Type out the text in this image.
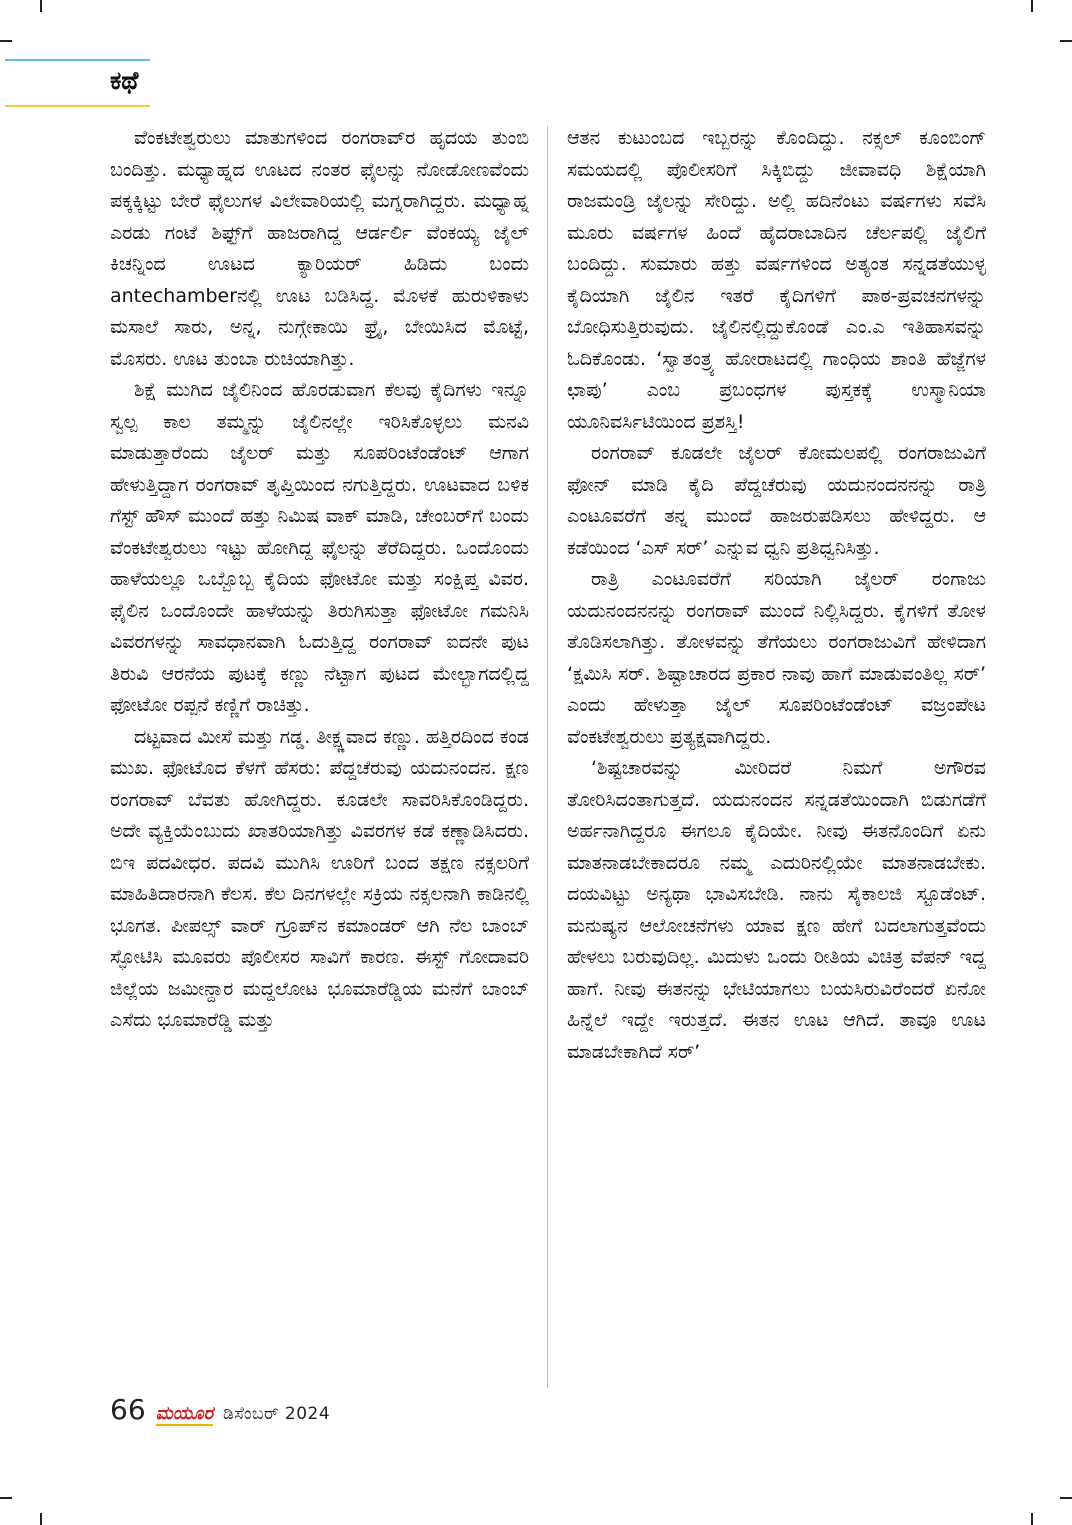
ಕಥೆ

ವೆಂಕಟೇಶ್ವರುಲು ಮಾತುಗಳಿಂದ ರಂಗರಾವ್‌ರ ಹೃದಯ ತುಂಬಿ ಬಂದಿತ್ತು. ಮಧ್ಯಾಹ್ನದ ಊಟದ ನಂತರ ಫೈಲನ್ನು ನೋಡೋಣವೆಂದು ಪಕ್ಕಕ್ಕಿಟ್ಟು ಬೇರೆ ಫೈಲುಗಳ ವಿಲೇವಾರಿಯಲ್ಲಿ ಮಗ್ನರಾಗಿದ್ದರು. ಮಧ್ಯಾಹ್ನ ಎರಡು ಗಂಟೆ ಶಿಫ್ಟ್‌ಗೆ ಹಾಜರಾಗಿದ್ದ ಆರ್ಡರ್ಲಿ ವೆಂಕಯ್ಯ ಜೈಲ್ ಕಿಚನ್ನಿಂದ ಊಟದ ಕ್ಯಾರಿಯರ್ ಹಿಡಿದು ಬಂದು antechamberನಲ್ಲಿ ಊಟ ಬಡಿಸಿದ್ದ. ಮೊಳಕೆ ಹುರುಳಿಕಾಳು ಮಸಾಲೆ ಸಾರು, ಅನ್ನ, ನುಗ್ಗೇಕಾಯಿ ಫ್ರೈ, ಬೇಯಿಸಿದ ಮೊಟ್ಟೆ, ಮೊಸರು. ಊಟ ತುಂಬಾ ರುಚಿಯಾಗಿತ್ತು.

ಶಿಕ್ಷೆ ಮುಗಿದ ಜೈಲಿನಿಂದ ಹೊರಡುವಾಗ ಕೆಲವು ಕೈದಿಗಳು ಇನ್ನೂ ಸ್ವಲ್ಪ ಕಾಲ ತಮ್ಮನ್ನು ಜೈಲಿನಲ್ಲೇ ಇರಿಸಿಕೊಳ್ಳಲು ಮನವಿ ಮಾಡುತ್ತಾರೆಂದು ಜೈಲರ್ ಮತ್ತು ಸೂಪರಿಂಟೆಂಡೆಂಟ್ ಆಗಾಗ ಹೇಳುತ್ತಿದ್ದಾಗ ರಂಗರಾವ್ ತೃಪ್ತಿಯಿಂದ ನಗುತ್ತಿದ್ದರು. ಊಟವಾದ ಬಳಿಕ ಗೆಸ್ಟ್ ಹೌಸ್ ಮುಂದೆ ಹತ್ತು ನಿಮಿಷ ವಾಕ್ ಮಾಡಿ, ಚೇಂಬರ್‌ಗೆ ಬಂದು ವೆಂಕಟೇಶ್ವರುಲು ಇಟ್ಟು ಹೋಗಿದ್ದ ಫೈಲನ್ನು ತೆರೆದಿದ್ದರು. ಒಂದೊಂದು ಹಾಳೆಯಲ್ಲೂ ಒಬ್ಬೊಬ್ಬ ಕೈದಿಯ ಫೋಟೋ ಮತ್ತು ಸಂಕ್ಷಿಪ್ತ ವಿವರ. ಫೈಲಿನ ಒಂದೊಂದೇ ಹಾಳೆಯನ್ನು ತಿರುಗಿಸುತ್ತಾ ಫೋಟೋ ಗಮನಿಸಿ ವಿವರಗಳನ್ನು ಸಾವಧಾನವಾಗಿ ಓದುತ್ತಿದ್ದ ರಂಗರಾವ್ ಐದನೇ ಪುಟ ತಿರುವಿ ಆರನೆಯ ಪುಟಕ್ಕೆ ಕಣ್ಣು ನೆಟ್ಟಾಗ ಪುಟದ ಮೇಲ್ಭಾಗದಲ್ಲಿದ್ದ ಫೋಟೋ ರಪ್ಪನೆ ಕಣ್ಣಿಗೆ ರಾಚಿತ್ತು.

ದಟ್ಟವಾದ ಮೀಸೆ ಮತ್ತು ಗಡ್ಡ. ತೀಕ್ಷ್ಣವಾದ ಕಣ್ಣು. ಹತ್ತಿರದಿಂದ ಕಂಡ ಮುಖ. ಫೋಟೊದ ಕೆಳಗೆ ಹೆಸರು: ಪೆದ್ದಚೆರುವು ಯದುನಂದನ. ಕ್ಷಣ ರಂಗರಾವ್ ಬೆವತು ಹೋಗಿದ್ದರು. ಕೂಡಲೇ ಸಾವರಿಸಿಕೊಂಡಿದ್ದರು. ಅದೇ ವ್ಯಕ್ತಿಯೆಂಬುದು ಖಾತರಿಯಾಗಿತ್ತು ವಿವರಗಳ ಕಡೆ ಕಣ್ಣಾಡಿಸಿದರು. ಬಿಇ ಪದವೀಧರ. ಪದವಿ ಮುಗಿಸಿ ಊರಿಗೆ ಬಂದ ತಕ್ಷಣ ನಕ್ಸಲರಿಗೆ ಮಾಹಿತಿದಾರನಾಗಿ ಕೆಲಸ. ಕೆಲ ದಿನಗಳಲ್ಲೇ ಸಕ್ರಿಯ ನಕ್ಸಲನಾಗಿ ಕಾಡಿನಲ್ಲಿ ಭೂಗತ. ಪೀಪಲ್ಸ್ ವಾರ್ ಗ್ರೂಪ್‌ನ ಕಮಾಂಡರ್ ಆಗಿ ನೆಲ ಬಾಂಬ್ ಸ್ಫೋಟಿಸಿ ಮೂವರು ಪೊಲೀಸರ ಸಾವಿಗೆ ಕಾರಣ. ಈಸ್ಟ್ ಗೋದಾವರಿ ಜಿಲ್ಲೆಯ ಜಮೀನ್ದಾರ ಮದ್ದಲೋಟ ಭೂಮಾರೆಡ್ಡಿಯ ಮನೆಗೆ ಬಾಂಬ್ ಎಸೆದು ಭೂಮಾರೆಡ್ಡಿ ಮತ್ತು

ಆತನ ಕುಟುಂಬದ ಇಬ್ಬರನ್ನು ಕೊಂದಿದ್ದು. ನಕ್ಸಲ್ ಕೂಂಬಿಂಗ್ ಸಮಯದಲ್ಲಿ ಪೊಲೀಸರಿಗೆ ಸಿಕ್ಕಿಬಿದ್ದು ಜೀವಾವಧಿ ಶಿಕ್ಷೆಯಾಗಿ ರಾಜಮಂಡ್ರಿ ಜೈಲನ್ನು ಸೇರಿದ್ದು. ಅಲ್ಲಿ ಹದಿನೆಂಟು ವರ್ಷಗಳು ಸವೆಸಿ ಮೂರು ವರ್ಷಗಳ ಹಿಂದೆ ಹೈದರಾಬಾದಿನ ಚೆರ್ಲಪಲ್ಲಿ ಜೈಲಿಗೆ ಬಂದಿದ್ದು. ಸುಮಾರು ಹತ್ತು ವರ್ಷಗಳಿಂದ ಅತ್ಯಂತ ಸನ್ನಡತೆಯುಳ್ಳ ಕೈದಿಯಾಗಿ ಜೈಲಿನ ಇತರೆ ಕೈದಿಗಳಿಗೆ ಪಾಠ-ಪ್ರವಚನಗಳನ್ನು ಬೋಧಿಸುತ್ತಿರುವುದು. ಜೈಲಿನಲ್ಲಿದ್ದುಕೊಂಡೆ ಎಂ.ಎ ಇತಿಹಾಸವನ್ನು ಓದಿಕೊಂಡು. ‘ಸ್ವಾತಂತ್ರ್ಯ ಹೋರಾಟದಲ್ಲಿ ಗಾಂಧಿಯ ಶಾಂತಿ ಹೆಜ್ಜೆಗಳ ಛಾಪು’ ಎಂಬ ಪ್ರಬಂಧಗಳ ಪುಸ್ತಕಕ್ಕೆ ಉಸ್ಮಾನಿಯಾ ಯೂನಿವರ್ಸಿಟಿಯಿಂದ ಪ್ರಶಸ್ತಿ!

ರಂಗರಾವ್ ಕೂಡಲೇ ಜೈಲರ್ ಕೋಮಲಪಲ್ಲಿ ರಂಗರಾಜುವಿಗೆ ಫೋನ್ ಮಾಡಿ ಕೈದಿ ಪೆದ್ದಚೆರುವು ಯದುನಂದನನನ್ನು ರಾತ್ರಿ ಎಂಟೂವರೆಗೆ ತನ್ನ ಮುಂದೆ ಹಾಜರುಪಡಿಸಲು ಹೇಳಿದ್ದರು. ಆ ಕಡೆಯಿಂದ ‘ಎಸ್ ಸರ್’ ಎನ್ನುವ ಧ್ವನಿ ಪ್ರತಿಧ್ವನಿಸಿತ್ತು.

ರಾತ್ರಿ ಎಂಟೂವರೆಗೆ ಸರಿಯಾಗಿ ಜೈಲರ್ ರಂಗಾಜು ಯದುನಂದನನನ್ನು ರಂಗರಾವ್ ಮುಂದೆ ನಿಲ್ಲಿಸಿದ್ದರು. ಕೈಗಳಿಗೆ ತೋಳ ತೊಡಿಸಲಾಗಿತ್ತು. ತೋಳವನ್ನು ತೆಗೆಯಲು ರಂಗರಾಜುವಿಗೆ ಹೇಳಿದಾಗ ‘ಕ್ಷಮಿಸಿ ಸರ್. ಶಿಷ್ಟಾಚಾರದ ಪ್ರಕಾರ ನಾವು ಹಾಗೆ ಮಾಡುವಂತಿಲ್ಲ ಸರ್’ ಎಂದು ಹೇಳುತ್ತಾ ಜೈಲ್ ಸೂಪರಿಂಟೆಂಡೆಂಟ್ ವಜ್ರಂಪೇಟ ವೆಂಕಟೇಶ್ವರುಲು ಪ್ರತ್ಯಕ್ಷವಾಗಿದ್ದರು.

‘ಶಿಷ್ಟಚಾರವನ್ನು ಮೀರಿದರೆ ನಿಮಗೆ ಅಗೌರವ ತೋರಿಸಿದಂತಾಗುತ್ತದೆ. ಯದುನಂದನ ಸನ್ನಡತೆಯಿಂದಾಗಿ ಬಿಡುಗಡೆಗೆ ಅರ್ಹನಾಗಿದ್ದರೂ ಈಗಲೂ ಕೈದಿಯೇ. ನೀವು ಈತನೊಂದಿಗೆ ಏನು ಮಾತನಾಡಬೇಕಾದರೂ ನಮ್ಮ ಎದುರಿನಲ್ಲಿಯೇ ಮಾತನಾಡಬೇಕು. ದಯವಿಟ್ಟು ಅನ್ಯಥಾ ಭಾವಿಸಬೇಡಿ. ನಾನು ಸೈಕಾಲಜಿ ಸ್ಟೂಡೆಂಟ್. ಮನುಷ್ಯನ ಆಲೋಚನೆಗಳು ಯಾವ ಕ್ಷಣ ಹೇಗೆ ಬದಲಾಗುತ್ತವೆಂದು ಹೇಳಲು ಬರುವುದಿಲ್ಲ. ಮಿದುಳು ಒಂದು ರೀತಿಯ ವಿಚಿತ್ರ ವೆಪನ್ ಇದ್ದ ಹಾಗೆ. ನೀವು ಈತನನ್ನು ಭೇಟಿಯಾಗಲು ಬಯಸಿರುವಿರೆಂದರೆ ಏನೋ ಹಿನ್ನೆಲೆ ಇದ್ದೇ ಇರುತ್ತದೆ. ಈತನ ಊಟ ಆಗಿದೆ. ತಾವೂ ಊಟ ಮಾಡಬೇಕಾಗಿದೆ ಸರ್’

66 ಮಯೂರ ಡಿಸೆಂಬರ್ 2024
